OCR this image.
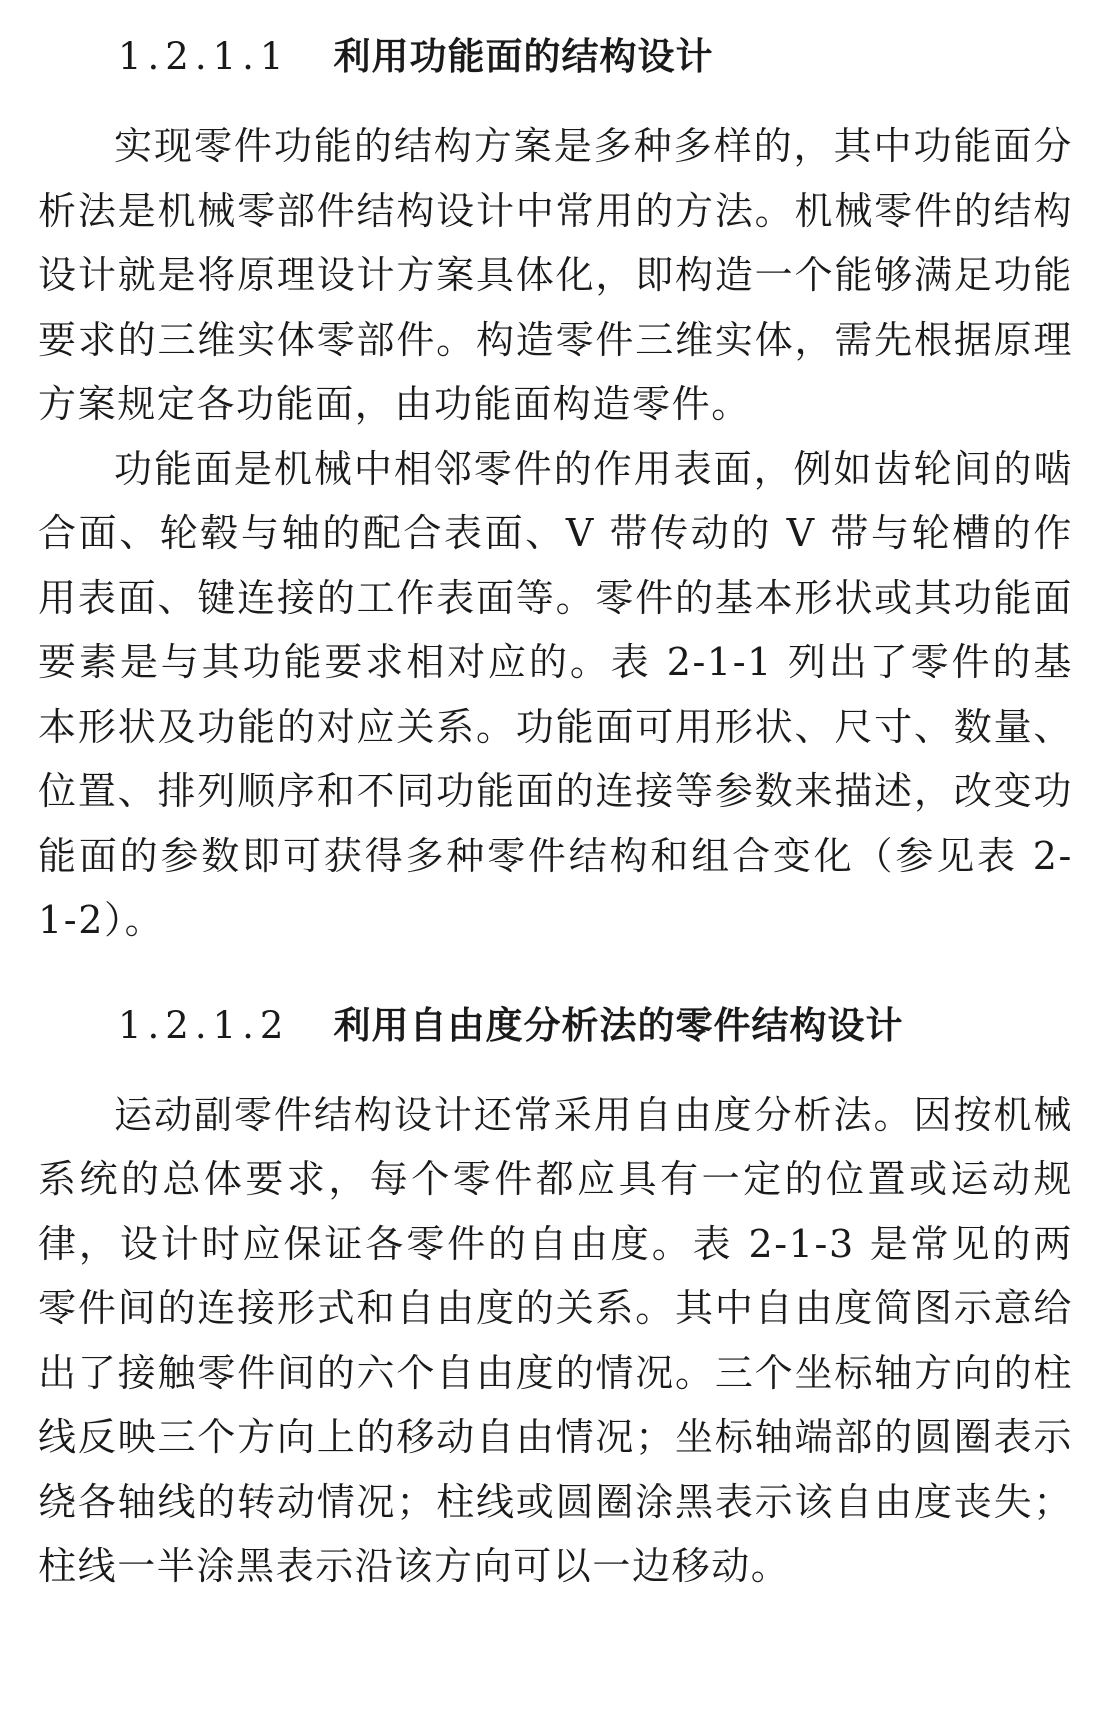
1.2.1.1 利用功能面的结构设计

实现零件功能的结构方案是多种多样的，其中功能面分析法是机械零部件结构设计中常用的方法。机械零件的结构设计就是将原理设计方案具体化，即构造一个能够满足功能要求的三维实体零部件。构造零件三维实体，需先根据原理方案规定各功能面，由功能面构造零件。

功能面是机械中相邻零件的作用表面，例如齿轮间的啮合面、轮毂与轴的配合表面、V 带传动的 V 带与轮槽的作用表面、键连接的工作表面等。零件的基本形状或其功能面要素是与其功能要求相对应的。表 2-1-1 列出了零件的基本形状及功能的对应关系。功能面可用形状、尺寸、数量、位置、排列顺序和不同功能面的连接等参数来描述，改变功能面的参数即可获得多种零件结构和组合变化（参见表 2-1-2）。

1.2.1.2 利用自由度分析法的零件结构设计

运动副零件结构设计还常采用自由度分析法。因按机械系统的总体要求，每个零件都应具有一定的位置或运动规律，设计时应保证各零件的自由度。表 2-1-3 是常见的两零件间的连接形式和自由度的关系。其中自由度简图示意给出了接触零件间的六个自由度的情况。三个坐标轴方向的柱线反映三个方向上的移动自由情况；坐标轴端部的圆圈表示绕各轴线的转动情况；柱线或圆圈涂黑表示该自由度丧失；柱线一半涂黑表示沿该方向可以一边移动。
